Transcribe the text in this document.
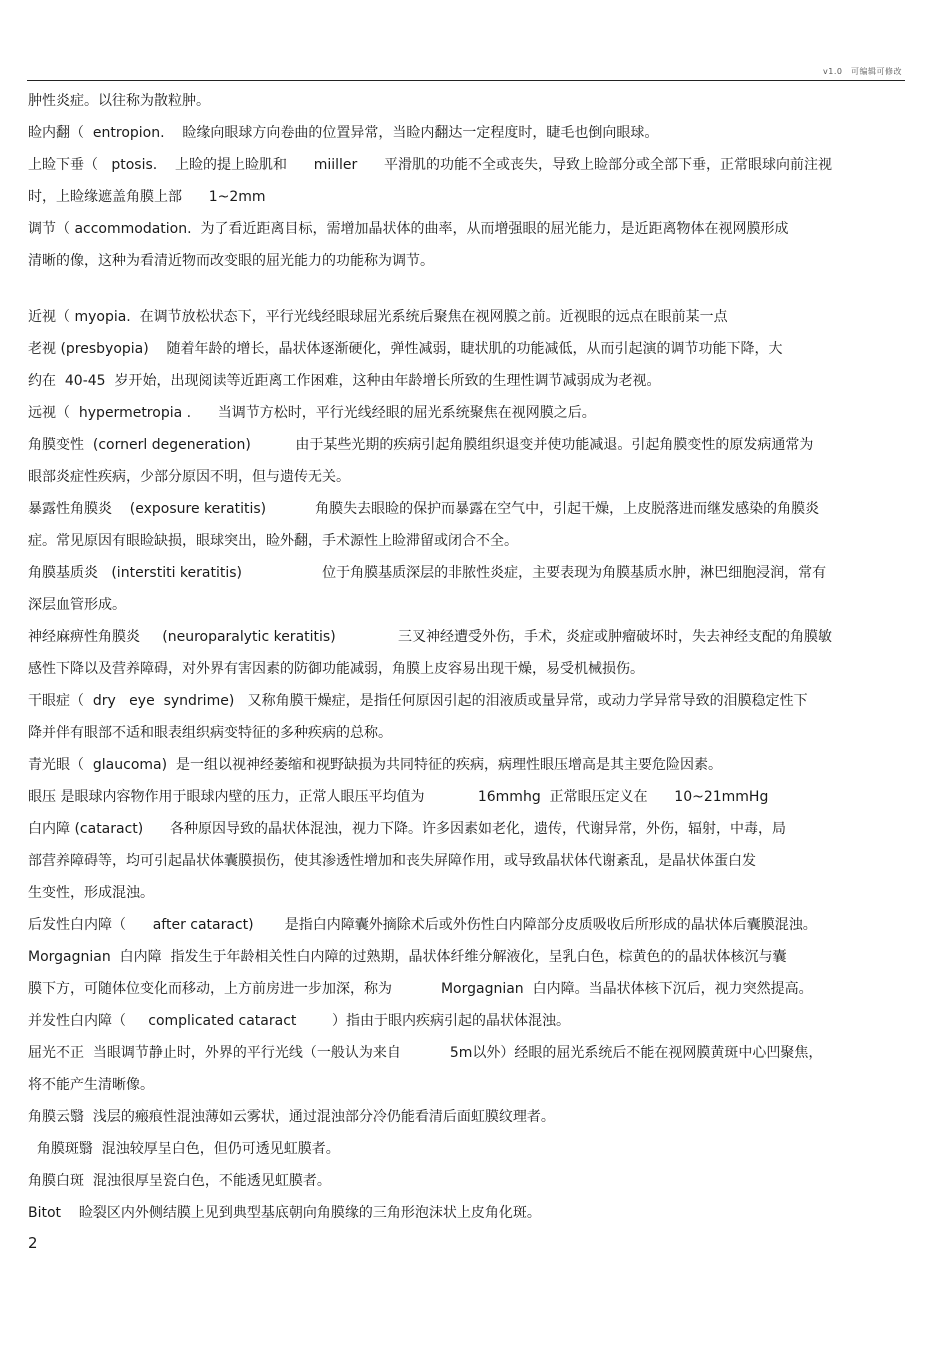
v1.0　可编辑可修改
肿性炎症。以往称为散粒肿。
睑内翻（  entropion.    睑缘向眼球方向卷曲的位置异常，当睑内翻达一定程度时，睫毛也倒向眼球。
上睑下垂（   ptosis.    上睑的提上睑肌和      miiller      平滑肌的功能不全或丧失，导致上睑部分或全部下垂，正常眼球向前注视
时，上睑缘遮盖角膜上部      1~2mm
调节（ accommodation.  为了看近距离目标，需增加晶状体的曲率，从而增强眼的屈光能力，是近距离物体在视网膜形成
清晰的像，这种为看清近物而改变眼的屈光能力的功能称为调节。
近视（ myopia.  在调节放松状态下，平行光线经眼球屈光系统后聚焦在视网膜之前。近视眼的远点在眼前某一点
老视 (presbyopia)    随着年龄的增长，晶状体逐渐硬化，弹性减弱，睫状肌的功能减低，从而引起演的调节功能下降，大
约在  40-45  岁开始，出现阅读等近距离工作困难，这种由年龄增长所致的生理性调节减弱成为老视。
远视（  hypermetropia .      当调节方松时，平行光线经眼的屈光系统聚焦在视网膜之后。
角膜变性  (cornerl degeneration)          由于某些光期的疾病引起角膜组织退变并使功能减退。引起角膜变性的原发病通常为
眼部炎症性疾病，少部分原因不明，但与遗传无关。
暴露性角膜炎    (exposure keratitis)           角膜失去眼睑的保护而暴露在空气中，引起干燥，上皮脱落进而继发感染的角膜炎
症。常见原因有眼睑缺损，眼球突出，睑外翻，手术源性上睑滞留或闭合不全。
角膜基质炎   (interstiti keratitis)                  位于角膜基质深层的非脓性炎症，主要表现为角膜基质水肿，淋巴细胞浸润，常有
深层血管形成。
神经麻痹性角膜炎     (neuroparalytic keratitis)              三叉神经遭受外伤，手术，炎症或肿瘤破坏时，失去神经支配的角膜敏
感性下降以及营养障碍，对外界有害因素的防御功能减弱，角膜上皮容易出现干燥，易受机械损伤。
干眼症（  dry   eye  syndrime)   又称角膜干燥症，是指任何原因引起的泪液质或量异常，或动力学异常导致的泪膜稳定性下
降并伴有眼部不适和眼表组织病变特征的多种疾病的总称。
青光眼（  glaucoma)  是一组以视神经萎缩和视野缺损为共同特征的疾病，病理性眼压增高是其主要危险因素。
眼压 是眼球内容物作用于眼球内壁的压力，正常人眼压平均值为            16mmhg  正常眼压定义在      10~21mmHg
白内障 (cataract)      各种原因导致的晶状体混浊，视力下降。许多因素如老化，遗传，代谢异常，外伤，辐射，中毒，局
部营养障碍等，均可引起晶状体囊膜损伤，使其渗透性增加和丧失屏障作用，或导致晶状体代谢紊乱，是晶状体蛋白发
生变性，形成混浊。
后发性白内障（      after cataract)       是指白内障囊外摘除术后或外伤性白内障部分皮质吸收后所形成的晶状体后囊膜混浊。
Morgagnian  白内障  指发生于年龄相关性白内障的过熟期，晶状体纤维分解液化，呈乳白色，棕黄色的的晶状体核沉与囊
膜下方，可随体位变化而移动，上方前房进一步加深，称为           Morgagnian  白内障。当晶状体核下沉后，视力突然提高。
并发性白内障（     complicated cataract        ）指由于眼内疾病引起的晶状体混浊。
屈光不正  当眼调节静止时，外界的平行光线（一般认为来自           5m以外）经眼的屈光系统后不能在视网膜黄斑中心凹聚焦，
将不能产生清晰像。
角膜云翳  浅层的瘢痕性混浊薄如云雾状，通过混浊部分冷仍能看清后面虹膜纹理者。
角膜斑翳  混浊较厚呈白色，但仍可透见虹膜者。
角膜白斑  混浊很厚呈瓷白色，不能透见虹膜者。
Bitot    睑裂区内外侧结膜上见到典型基底朝向角膜缘的三角形泡沫状上皮角化斑。
2
